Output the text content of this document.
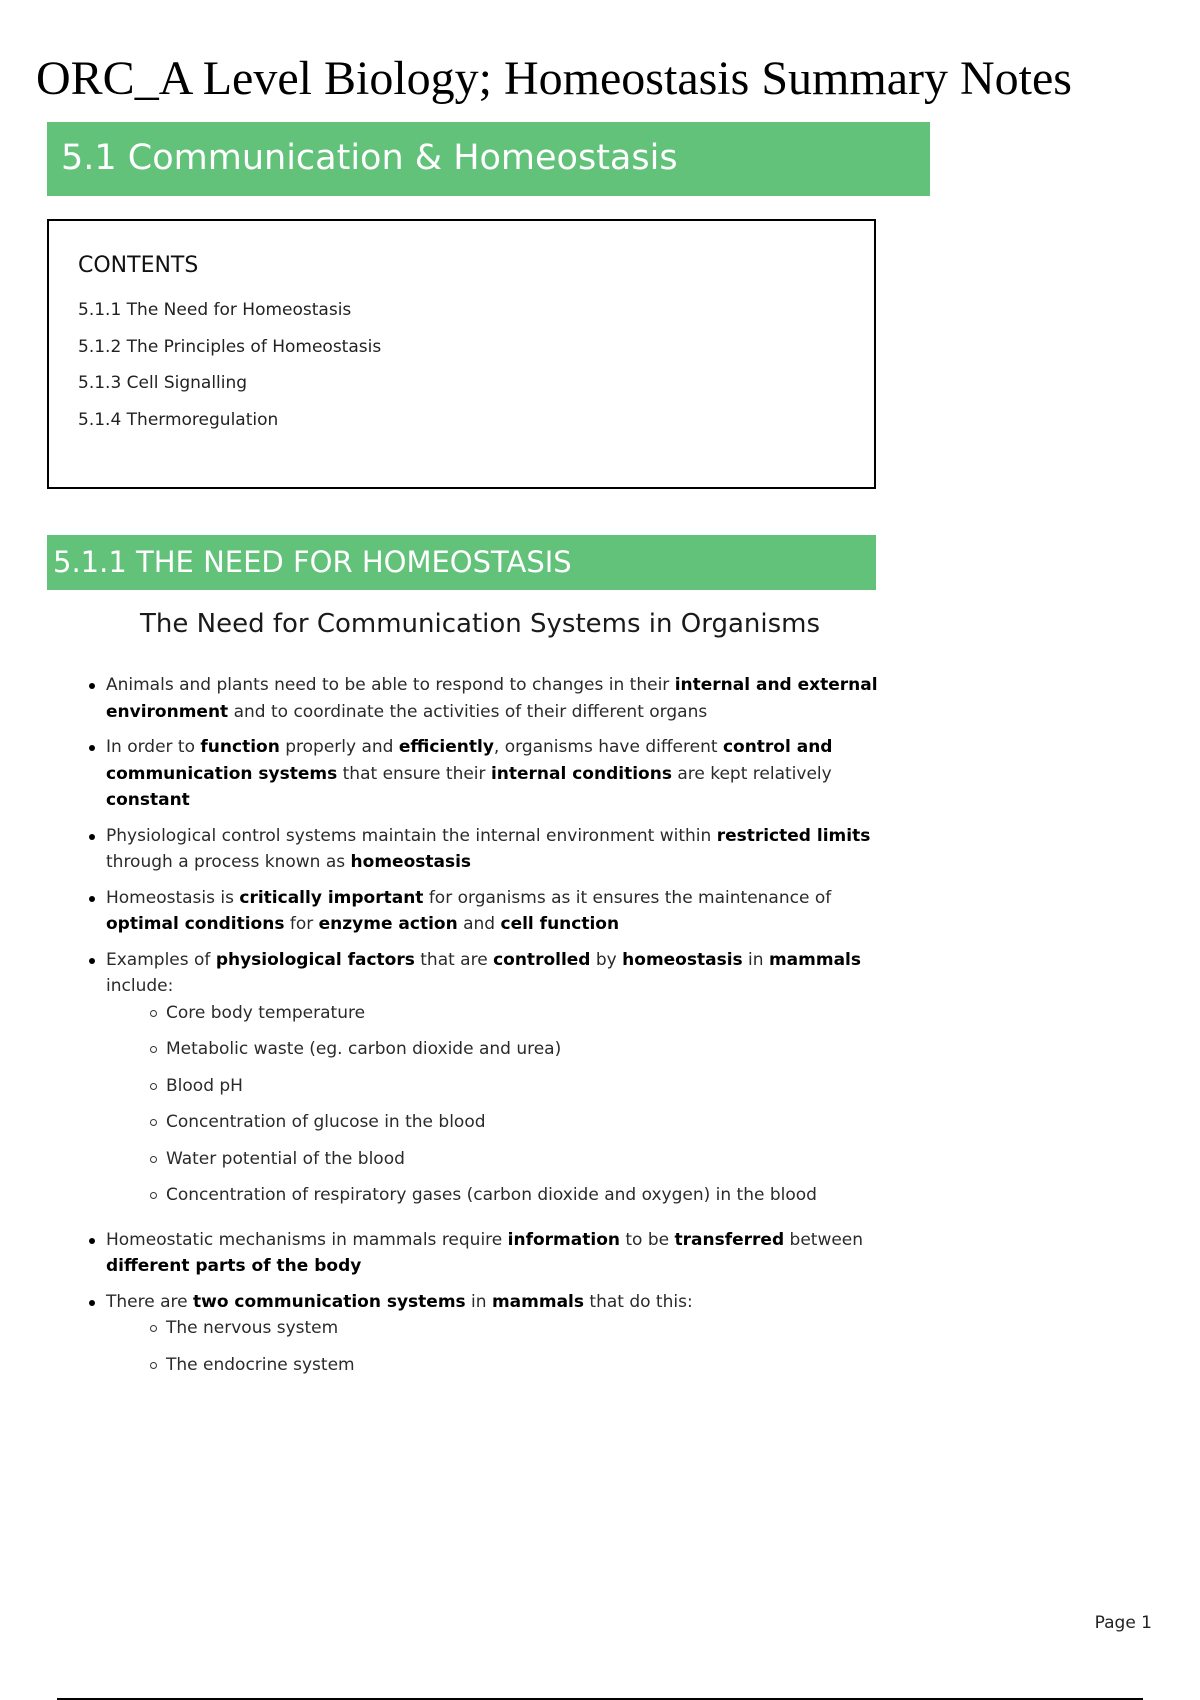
ORC_A Level Biology; Homeostasis Summary Notes
5.1 Communication & Homeostasis

CONTENTS

5.1.1 The Need for Homeostasis
5.1.2 The Principles of Homeostasis
5.1.3 Cell Signalling
5.1.4 Thermoregulation
5.1.1 THE NEED FOR HOMEOSTASIS
The Need for Communication Systems in Organisms
Animals and plants need to be able to respond to changes in their internal and external environment and to coordinate the activities of their different organs
In order to function properly and efficiently, organisms have different control and communication systems that ensure their internal conditions are kept relatively constant
Physiological control systems maintain the internal environment within restricted limits through a process known as homeostasis
Homeostasis is critically important for organisms as it ensures the maintenance of optimal conditions for enzyme action and cell function
Examples of physiological factors that are controlled by homeostasis in mammals include:
Core body temperature
Metabolic waste (eg. carbon dioxide and urea)
Blood pH
Concentration of glucose in the blood
Water potential of the blood
Concentration of respiratory gases (carbon dioxide and oxygen) in the blood
Homeostatic mechanisms in mammals require information to be transferred between different parts of the body
There are two communication systems in mammals that do this:
The nervous system
The endocrine system
Page 1
